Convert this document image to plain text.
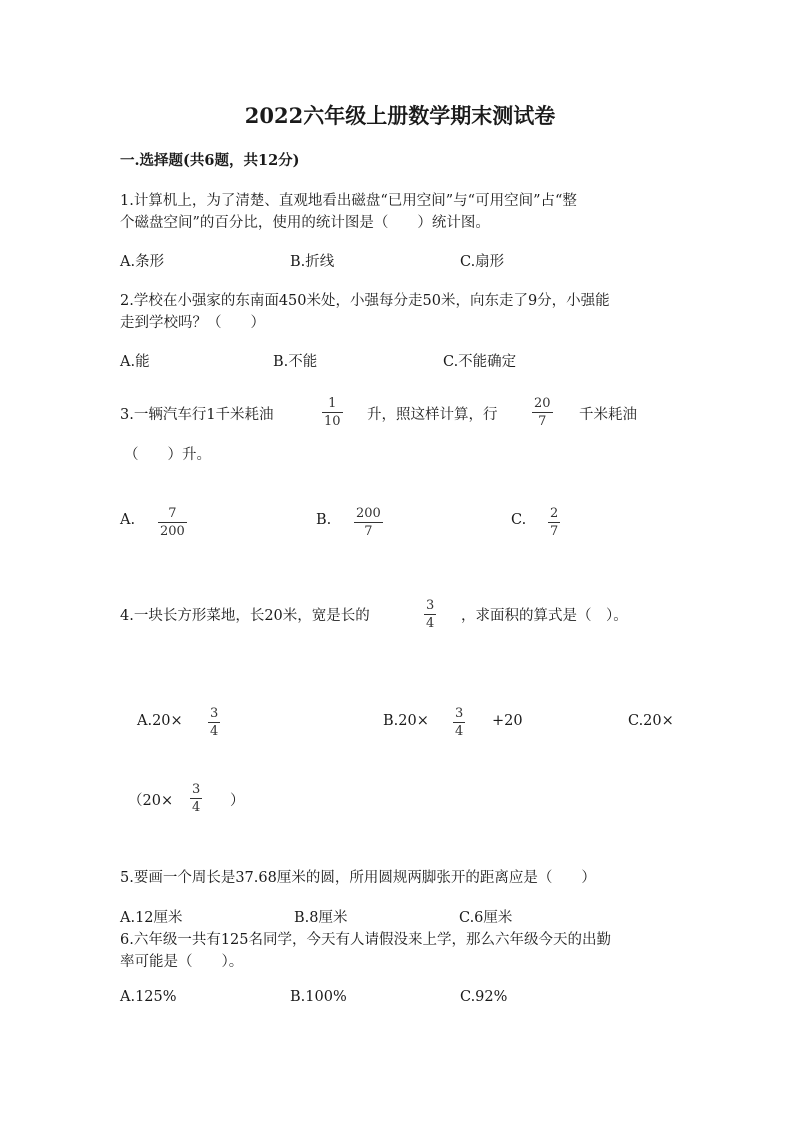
2022六年级上册数学期末测试卷
一.选择题(共6题，共12分)
1.计算机上，为了清楚、直观地看出磁盘“已用空间”与“可用空间”占“整
个磁盘空间”的百分比，使用的统计图是（　　）统计图。
A.条形	B.折线	C.扇形
2.学校在小强家的东南面450米处，小强每分走50米，向东走了9分，小强能
走到学校吗？（　　）
A.能	B.不能	C.不能确定
3.一辆汽车行1千米耗油
1
10 升，照这样计算，行
20
7 千米耗油
（　　）升。
A.	7
200
B. 200
7
C. 2
7
4.一块长方形菜地，长20米，宽是长的
3
4 ，求面积的算式是（　）。
A.20× 3
4
B.20× 3
4
+20	C.20×
（20×
3
4 ）
5.要画一个周长是37.68厘米的圆，所用圆规两脚张开的距离应是（　　）
A.12厘米	B.8厘米	C.6厘米
6.六年级一共有125名同学，今天有人请假没来上学，那么六年级今天的出勤
率可能是（　　）。
A.125%	B.100%	C.92%
